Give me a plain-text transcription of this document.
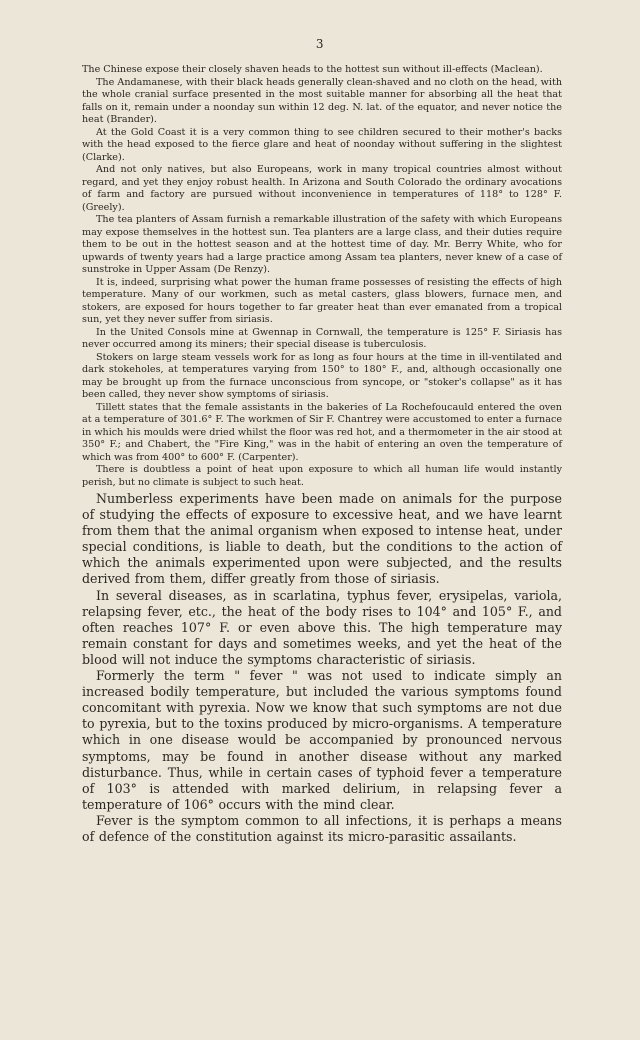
3

The Chinese expose their closely shaven heads to the hottest sun without ill-effects (Maclean).

The Andamanese, with their black heads generally clean-shaved and no cloth on the head, with the whole cranial surface presented in the most suitable manner for absorbing all the heat that falls on it, remain under a noonday sun within 12 deg. N. lat. of the equator, and never notice the heat (Brander).

At the Gold Coast it is a very common thing to see children secured to their mother's backs with the head exposed to the fierce glare and heat of noonday without suffering in the slightest (Clarke).

And not only natives, but also Europeans, work in many tropical countries almost without regard, and yet they enjoy robust health. In Arizona and South Colorado the ordinary avocations of farm and factory are pursued without inconvenience in temperatures of 118° to 128° F. (Greely).

The tea planters of Assam furnish a remarkable illustration of the safety with which Europeans may expose themselves in the hottest sun. Tea planters are a large class, and their duties require them to be out in the hottest season and at the hottest time of day. Mr. Berry White, who for upwards of twenty years had a large practice among Assam tea planters, never knew of a case of sunstroke in Upper Assam (De Renzy).

It is, indeed, surprising what power the human frame possesses of resisting the effects of high temperature. Many of our workmen, such as metal casters, glass blowers, furnace men, and stokers, are exposed for hours together to far greater heat than ever emanated from a tropical sun, yet they never suffer from siriasis.

In the United Consols mine at Gwennap in Cornwall, the temperature is 125° F. Siriasis has never occurred among its miners; their special disease is tuberculosis.

Stokers on large steam vessels work for as long as four hours at the time in ill-ventilated and dark stokeholes, at temperatures varying from 150° to 180° F., and, although occasionally one may be brought up from the furnace unconscious from syncope, or "stoker's collapse" as it has been called, they never show symptoms of siriasis.

Tillett states that the female assistants in the bakeries of La Rochefoucauld entered the oven at a temperature of 301.6° F. The workmen of Sir F. Chantrey were accustomed to enter a furnace in which his moulds were dried whilst the floor was red hot, and a thermometer in the air stood at 350° F.; and Chabert, the "Fire King," was in the habit of entering an oven the temperature of which was from 400° to 600° F. (Carpenter).

There is doubtless a point of heat upon exposure to which all human life would instantly perish, but no climate is subject to such heat.

Numberless experiments have been made on animals for the purpose of studying the effects of exposure to excessive heat, and we have learnt from them that the animal organism when exposed to intense heat, under special conditions, is liable to death, but the conditions to the action of which the animals experimented upon were subjected, and the results derived from them, differ greatly from those of siriasis.

In several diseases, as in scarlatina, typhus fever, erysipelas, variola, relapsing fever, etc., the heat of the body rises to 104° and 105° F., and often reaches 107° F. or even above this. The high temperature may remain constant for days and sometimes weeks, and yet the heat of the blood will not induce the symptoms characteristic of siriasis.

Formerly the term " fever " was not used to indicate simply an increased bodily temperature, but included the various symptoms found concomitant with pyrexia. Now we know that such symptoms are not due to pyrexia, but to the toxins produced by micro-organisms. A temperature which in one disease would be accompanied by pronounced nervous symptoms, may be found in another disease without any marked disturbance. Thus, while in certain cases of typhoid fever a temperature of 103° is attended with marked delirium, in relapsing fever a temperature of 106° occurs with the mind clear.

Fever is the symptom common to all infections, it is perhaps a means of defence of the constitution against its micro-parasitic assailants.
